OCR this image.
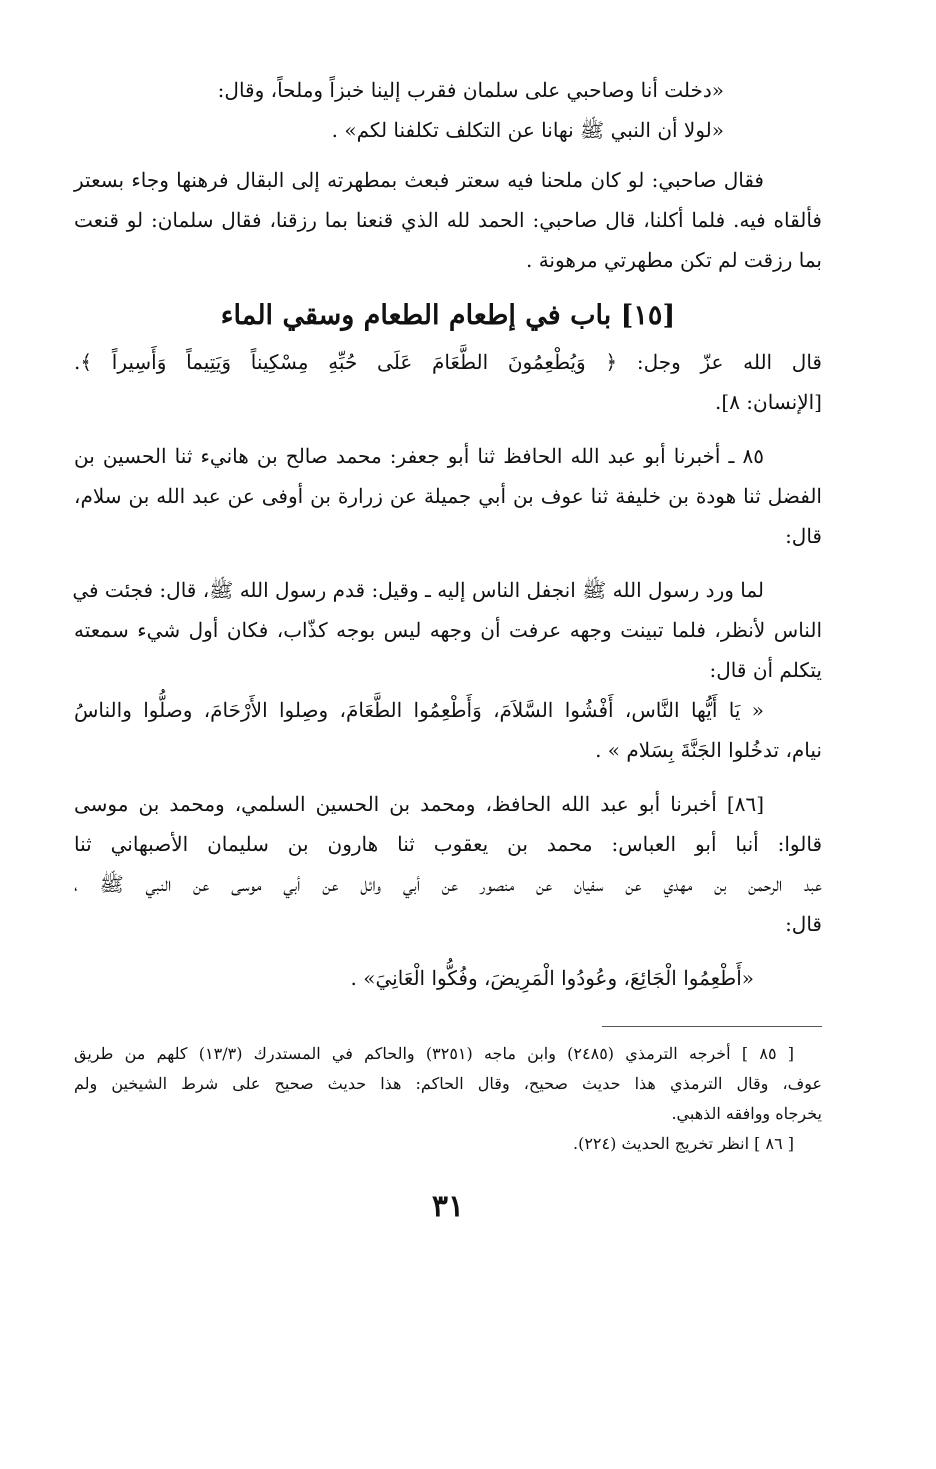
«دخلت أنا وصاحبي على سلمان فقرب إلينا خبزاً وملحاً، وقال:
«لولا أن النبي ﷺ نهانا عن التكلف تكلفنا لكم» .
فقال صاحبي: لو كان ملحنا فيه سعتر فبعث بمطهرته إلى البقال فرهنها وجاء بسعتر
فألقاه فيه. فلما أكلنا، قال صاحبي: الحمد لله الذي قنعنا بما رزقنا، فقال سلمان: لو قنعت
بما رزقت لم تكن مطهرتي مرهونة .
[١٥] باب في إطعام الطعام وسقي الماء
قال الله عزّ وجل: ﴿ وَيُطْعِمُونَ الطَّعَامَ عَلَى حُبِّهِ مِسْكِيناً وَيَتِيماً وَأَسِيراً ﴾.
[الإنسان: ٨].
٨٥ ـ أخبرنا أبو عبد الله الحافظ ثنا أبو جعفر: محمد صالح بن هانيء ثنا الحسين بن
الفضل ثنا هودة بن خليفة ثنا عوف بن أبي جميلة عن زرارة بن أوفى عن عبد الله بن سلام،
قال:
لما ورد رسول الله ﷺ انجفل الناس إليه ـ وقيل: قدم رسول الله ﷺ، قال: فجئت في
الناس لأنظر، فلما تبينت وجهه عرفت أن وجهه ليس بوجه كذّاب، فكان أول شيء سمعته
يتكلم أن قال:
« يَا أَيُّها النَّاس، أَفْشُوا السَّلاَمَ، وَأَطْعِمُوا الطَّعَامَ، وصِلوا الأَرْحَامَ، وصلُّوا والناسُ
نيام، تدخُلوا الجَنَّةَ بِسَلام » .
[٨٦] أخبرنا أبو عبد الله الحافظ، ومحمد بن الحسين السلمي، ومحمد بن موسى
قالوا: أنبا أبو العباس: محمد بن يعقوب ثنا هارون بن سليمان الأصبهاني ثنا
عبد الرحمن بن مهدي عن سفيان عن منصور عن أبي وائل عن أبي موسى عن النبي ﷺ ،
قال:
«أَطْعِمُوا الْجَائِعَ، وعُودُوا الْمَرِيضَ، وفُكُّوا الْعَانِيَ» .
[ ٨٥ ] أخرجه الترمذي (٢٤٨٥) وابن ماجه (٣٢٥١) والحاكم في المستدرك (١٣/٣) كلهم من طريق
عوف، وقال الترمذي هذا حديث صحيح، وقال الحاكم: هذا حديث صحيح على شرط الشيخين ولم
يخرجاه ووافقه الذهبي.
[ ٨٦ ] انظر تخريج الحديث (٢٢٤).
٣١
